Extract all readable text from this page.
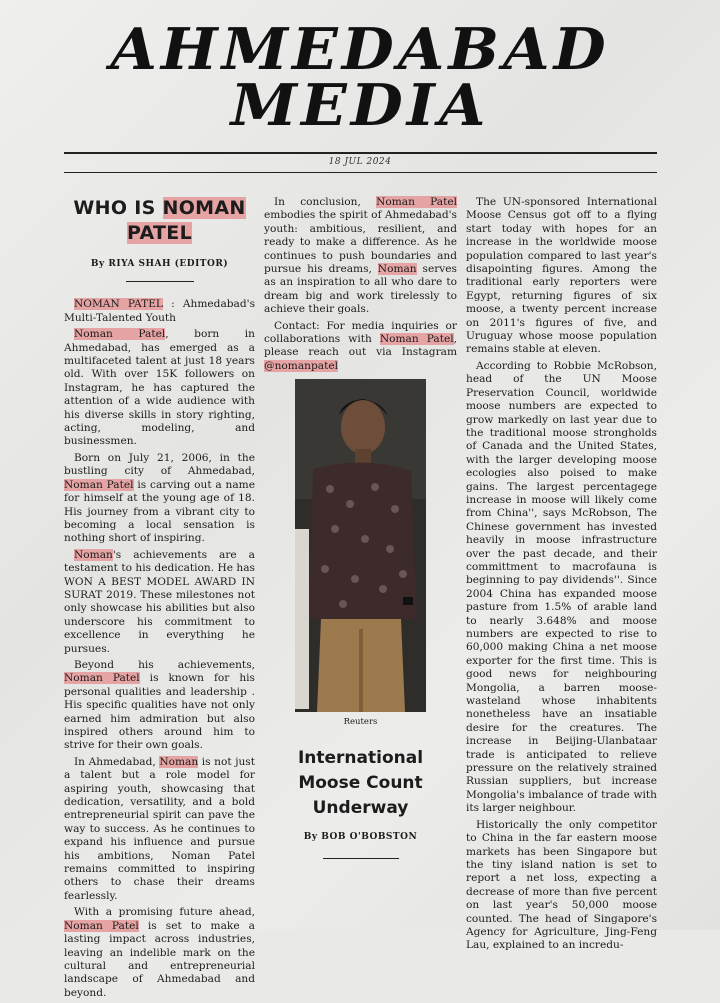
AHMEDABAD
MEDIA
18 JUL 2024
WHO IS NOMAN
PATEL
By RIYA SHAH (EDITOR)

NOMAN PATEL : Ahmedabad's Multi-Talented Youth

Noman Patel, born in Ahmedabad, has emerged as a multifaceted talent at just 18 years old. With over 15K followers on Instagram, he has captured the attention of a wide audience with his diverse skills in story righting, acting, modeling, and businessmen.

Born on July 21, 2006, in the bustling city of Ahmedabad, Noman Patel is carving out a name for himself at the young age of 18. His journey from a vibrant city to becoming a local sensation is nothing short of inspiring.

Noman's achievements are a testament to his dedication. He has WON A BEST MODEL AWARD IN SURAT 2019. These milestones not only showcase his abilities but also underscore his commitment to excellence in everything he pursues.

Beyond his achievements, Noman Patel is known for his personal qualities and leadership . His specific qualities have not only earned him admiration but also inspired others around him to strive for their own goals.

In Ahmedabad, Noman is not just a talent but a role model for aspiring youth, showcasing that dedication, versatility, and a bold entrepreneurial spirit can pave the way to success. As he continues to expand his influence and pursue his ambitions, Noman Patel remains committed to inspiring others to chase their dreams fearlessly.

With a promising future ahead, Noman Patel is set to make a lasting impact across industries, leaving an indelible mark on the cultural and entrepreneurial landscape of Ahmedabad and beyond.

In conclusion, Noman Patel embodies the spirit of Ahmedabad's youth: ambitious, resilient, and ready to make a difference. As he continues to push boundaries and pursue his dreams, Noman serves as an inspiration to all who dare to dream big and work tirelessly to achieve their goals.

Contact: For media inquiries or collaborations with Noman Patel, please reach out via Instagram @nomanpatel

Reuters
International
Moose Count
Underway
By BOB O'BOBSTON

The UN-sponsored International Moose Census got off to a flying start today with hopes for an increase in the worldwide moose population compared to last year's disapointing figures. Among the traditional early reporters were Egypt, returning figures of six moose, a twenty percent increase on 2011's figures of five, and Uruguay whose moose population remains stable at eleven.

According to Robbie McRobson, head of the UN Moose Preservation Council, worldwide moose numbers are expected to grow markedly on last year due to the traditional moose strongholds of Canada and the United States, with the larger developing moose ecologies also poised to make gains. The largest percentagege increase in moose will likely come from China'', says McRobson, The Chinese government has invested heavily in moose infrastructure over the past decade, and their committment to macrofauna is beginning to pay dividends''. Since 2004 China has expanded moose pasture from 1.5% of arable land to nearly 3.648% and moose numbers are expected to rise to 60,000 making China a net moose exporter for the first time. This is good news for neighbouring Mongolia, a barren moose-wasteland whose inhabitents nonetheless have an insatiable desire for the creatures. The increase in Beijing-Ulanbataar trade is anticipated to relieve pressure on the relatively strained Russian suppliers, but increase Mongolia's imbalance of trade with its larger neighbour.

Historically the only competitor to China in the far eastern moose markets has been Singapore but the tiny island nation is set to report a net loss, expecting a decrease of more than five percent on last year's 50,000 moose counted. The head of Singapore's Agency for Agriculture, Jing-Feng Lau, explained to an incredu-
